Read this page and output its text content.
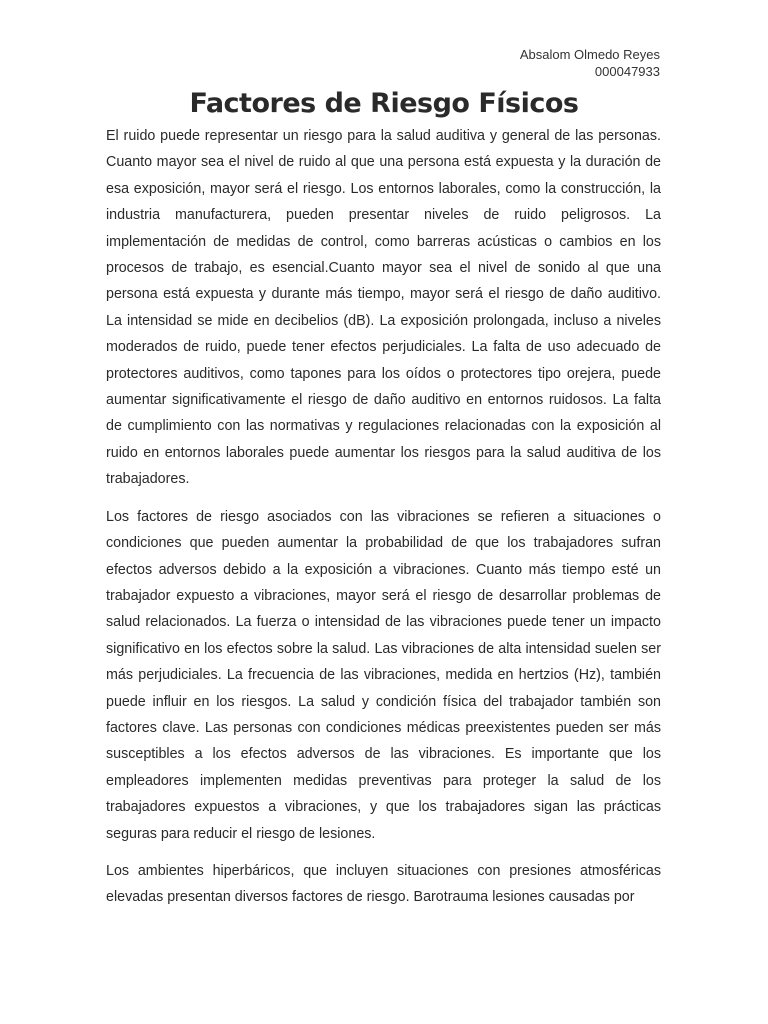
Absalom Olmedo Reyes
000047933
Factores de Riesgo Físicos

El ruido puede representar un riesgo para la salud auditiva y general de las personas. Cuanto mayor sea el nivel de ruido al que una persona está expuesta y la duración de esa exposición, mayor será el riesgo. Los entornos laborales, como la construcción, la industria manufacturera, pueden presentar niveles de ruido peligrosos. La implementación de medidas de control, como barreras acústicas o cambios en los procesos de trabajo, es esencial.Cuanto mayor sea el nivel de sonido al que una persona está expuesta y durante más tiempo, mayor será el riesgo de daño auditivo. La intensidad se mide en decibelios (dB). La exposición prolongada, incluso a niveles moderados de ruido, puede tener efectos perjudiciales. La falta de uso adecuado de protectores auditivos, como tapones para los oídos o protectores tipo orejera, puede aumentar significativamente el riesgo de daño auditivo en entornos ruidosos. La falta de cumplimiento con las normativas y regulaciones relacionadas con la exposición al ruido en entornos laborales puede aumentar los riesgos para la salud auditiva de los trabajadores.

Los factores de riesgo asociados con las vibraciones se refieren a situaciones o condiciones que pueden aumentar la probabilidad de que los trabajadores sufran efectos adversos debido a la exposición a vibraciones. Cuanto más tiempo esté un trabajador expuesto a vibraciones, mayor será el riesgo de desarrollar problemas de salud relacionados. La fuerza o intensidad de las vibraciones puede tener un impacto significativo en los efectos sobre la salud. Las vibraciones de alta intensidad suelen ser más perjudiciales. La frecuencia de las vibraciones, medida en hertzios (Hz), también puede influir en los riesgos. La salud y condición física del trabajador también son factores clave. Las personas con condiciones médicas preexistentes pueden ser más susceptibles a los efectos adversos de las vibraciones. Es importante que los empleadores implementen medidas preventivas para proteger la salud de los trabajadores expuestos a vibraciones, y que los trabajadores sigan las prácticas seguras para reducir el riesgo de lesiones.

Los ambientes hiperbáricos, que incluyen situaciones con presiones atmosféricas elevadas presentan diversos factores de riesgo. Barotrauma lesiones causadas por
